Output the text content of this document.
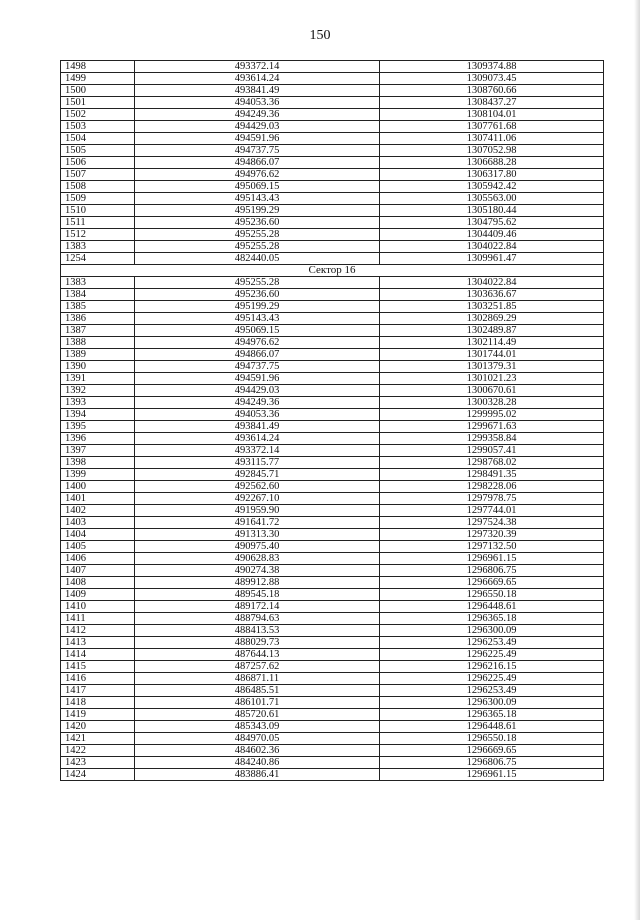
150
1498	493372.14	1309374.88
1499	493614.24	1309073.45
1500	493841.49	1308760.66
1501	494053.36	1308437.27
1502	494249.36	1308104.01
1503	494429.03	1307761.68
1504	494591.96	1307411.06
1505	494737.75	1307052.98
1506	494866.07	1306688.28
1507	494976.62	1306317.80
1508	495069.15	1305942.42
1509	495143.43	1305563.00
1510	495199.29	1305180.44
1511	495236.60	1304795.62
1512	495255.28	1304409.46
1383	495255.28	1304022.84
1254	482440.05	1309961.47
Сектор 16		
1383	495255.28	1304022.84
1384	495236.60	1303636.67
1385	495199.29	1303251.85
1386	495143.43	1302869.29
1387	495069.15	1302489.87
1388	494976.62	1302114.49
1389	494866.07	1301744.01
1390	494737.75	1301379.31
1391	494591.96	1301021.23
1392	494429.03	1300670.61
1393	494249.36	1300328.28
1394	494053.36	1299995.02
1395	493841.49	1299671.63
1396	493614.24	1299358.84
1397	493372.14	1299057.41
1398	493115.77	1298768.02
1399	492845.71	1298491.35
1400	492562.60	1298228.06
1401	492267.10	1297978.75
1402	491959.90	1297744.01
1403	491641.72	1297524.38
1404	491313.30	1297320.39
1405	490975.40	1297132.50
1406	490628.83	1296961.15
1407	490274.38	1296806.75
1408	489912.88	1296669.65
1409	489545.18	1296550.18
1410	489172.14	1296448.61
1411	488794.63	1296365.18
1412	488413.53	1296300.09
1413	488029.73	1296253.49
1414	487644.13	1296225.49
1415	487257.62	1296216.15
1416	486871.11	1296225.49
1417	486485.51	1296253.49
1418	486101.71	1296300.09
1419	485720.61	1296365.18
1420	485343.09	1296448.61
1421	484970.05	1296550.18
1422	484602.36	1296669.65
1423	484240.86	1296806.75
1424	483886.41	1296961.15
